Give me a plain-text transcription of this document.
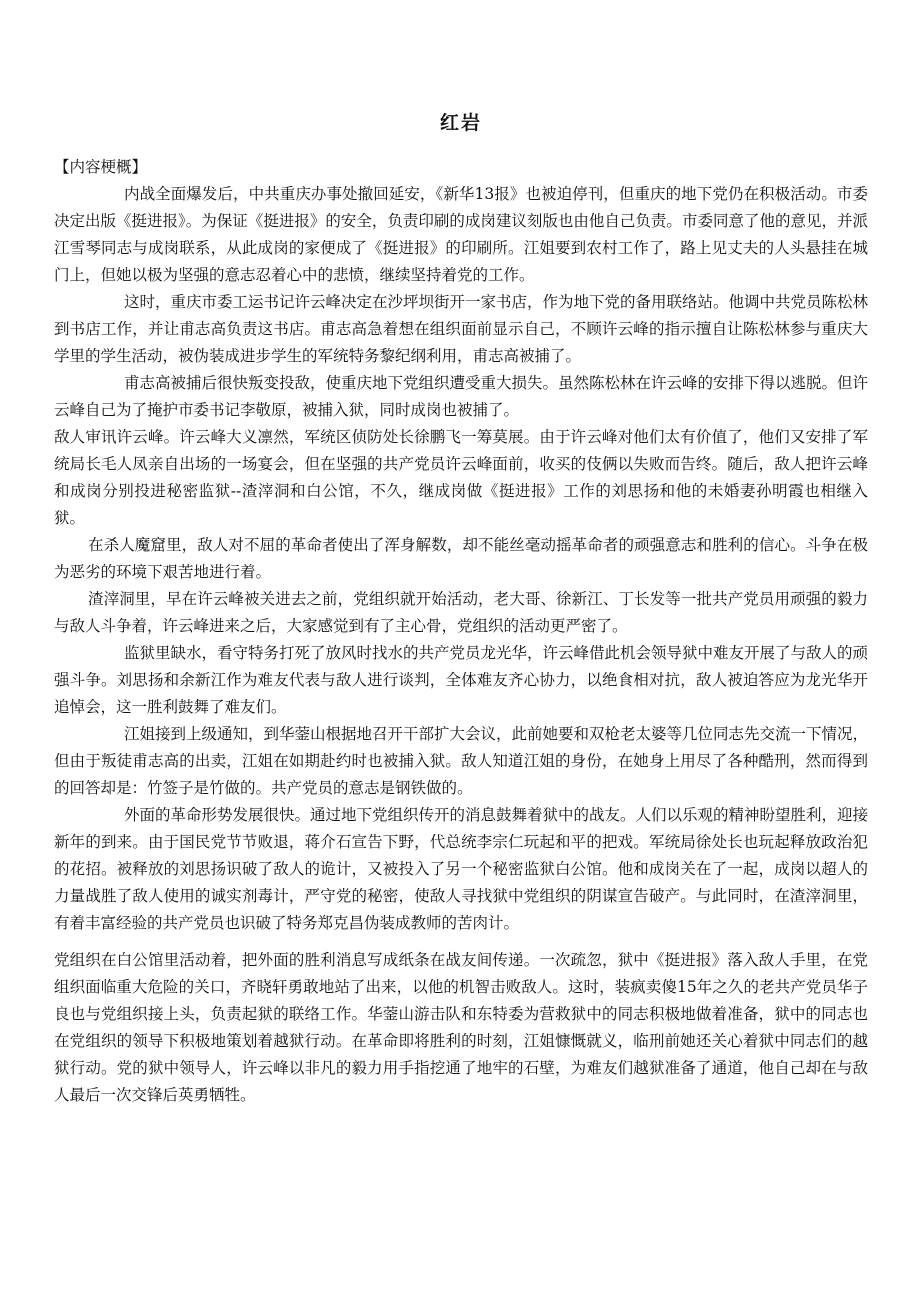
红岩
【内容梗概】

内战全面爆发后，中共重庆办事处撤回延安，《新华13报》也被迫停刊，但重庆的地下党仍在积极活动。市委决定出版《挺进报》。为保证《挺进报》的安全，负责印刷的成岗建议刻版也由他自己负责。市委同意了他的意见，并派江雪琴同志与成岗联系，从此成岗的家便成了《挺进报》的印刷所。江姐要到农村工作了，路上见丈夫的人头悬挂在城门上，但她以极为坚强的意志忍着心中的悲愤，继续坚持着党的工作。

这时，重庆市委工运书记许云峰决定在沙坪坝街开一家书店，作为地下党的备用联络站。他调中共党员陈松林到书店工作，并让甫志高负责这书店。甫志高急着想在组织面前显示自己，不顾许云峰的指示擅自让陈松林参与重庆大学里的学生活动，被伪装成进步学生的军统特务黎纪纲利用，甫志高被捕了。

甫志高被捕后很快叛变投敌，使重庆地下党组织遭受重大损失。虽然陈松林在许云峰的安排下得以逃脱。但许云峰自己为了掩护市委书记李敬原，被捕入狱，同时成岗也被捕了。

敌人审讯许云峰。许云峰大义凛然，军统区侦防处长徐鹏飞一筹莫展。由于许云峰对他们太有价值了，他们又安排了军统局长毛人凤亲自出场的一场宴会，但在坚强的共产党员许云峰面前，收买的伎俩以失败而告终。随后，敌人把许云峰和成岗分别投进秘密监狱--渣滓洞和白公馆，不久，继成岗做《挺进报》工作的刘思扬和他的未婚妻孙明霞也相继入狱。

在杀人魔窟里，敌人对不屈的革命者使出了浑身解数，却不能丝毫动摇革命者的顽强意志和胜利的信心。斗争在极为恶劣的环境下艰苦地进行着。

渣滓洞里，早在许云峰被关进去之前，党组织就开始活动，老大哥、徐新江、丁长发等一批共产党员用顽强的毅力与敌人斗争着，许云峰进来之后，大家感觉到有了主心骨，党组织的活动更严密了。

监狱里缺水，看守特务打死了放风时找水的共产党员龙光华，许云峰借此机会领导狱中难友开展了与敌人的顽强斗争。刘思扬和余新江作为难友代表与敌人进行谈判，全体难友齐心协力，以绝食相对抗，敌人被迫答应为龙光华开追悼会，这一胜利鼓舞了难友们。

江姐接到上级通知，到华蓥山根据地召开干部扩大会议，此前她要和双枪老太婆等几位同志先交流一下情况，但由于叛徒甫志高的出卖，江姐在如期赴约时也被捕入狱。敌人知道江姐的身份，在她身上用尽了各种酷刑，然而得到的回答却是：竹签子是竹做的。共产党员的意志是钢铁做的。

外面的革命形势发展很快。通过地下党组织传开的消息鼓舞着狱中的战友。人们以乐观的精神盼望胜利，迎接新年的到来。由于国民党节节败退，蒋介石宣告下野，代总统李宗仁玩起和平的把戏。军统局徐处长也玩起释放政治犯的花招。被释放的刘思扬识破了敌人的诡计，又被投入了另一个秘密监狱白公馆。他和成岗关在了一起，成岗以超人的力量战胜了敌人使用的诚实剂毒计，严守党的秘密，使敌人寻找狱中党组织的阴谋宣告破产。与此同时，在渣滓洞里，有着丰富经验的共产党员也识破了特务郑克昌伪装成教师的苦肉计。

党组织在白公馆里活动着，把外面的胜利消息写成纸条在战友间传递。一次疏忽，狱中《挺进报》落入敌人手里，在党组织面临重大危险的关口，齐晓轩勇敢地站了出来，以他的机智击败敌人。这时，装疯卖傻15年之久的老共产党员华子良也与党组织接上头，负责起狱的联络工作。华蓥山游击队和东特委为营救狱中的同志积极地做着准备，狱中的同志也在党组织的领导下积极地策划着越狱行动。在革命即将胜利的时刻，江姐慷慨就义，临刑前她还关心着狱中同志们的越狱行动。党的狱中领导人，许云峰以非凡的毅力用手指挖通了地牢的石壁，为难友们越狱准备了通道，他自己却在与敌人最后一次交锋后英勇牺牲。
